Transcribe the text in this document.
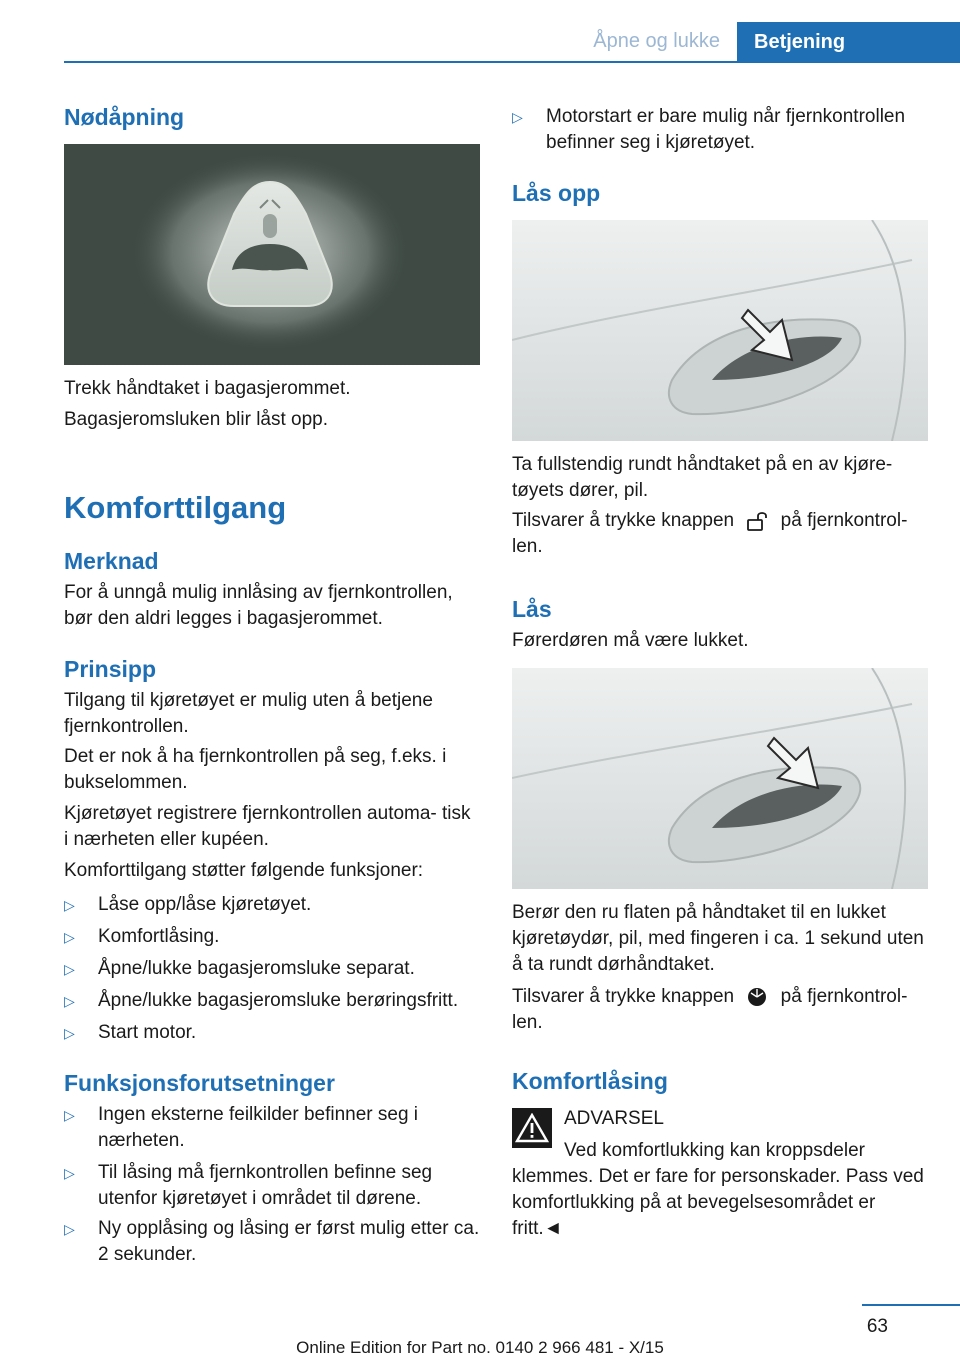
Åpne og lukke	Betjening
Nødåpning
Trekk håndtaket i bagasjerommet.
Bagasjeromsluken blir låst opp.
Komforttilgang
Merknad
For å unngå mulig innlåsing av fjernkontrollen, bør den aldri legges i bagasjerommet.
Prinsipp
Tilgang til kjøretøyet er mulig uten å betjene fjernkontrollen.
Det er nok å ha fjernkontrollen på seg, f.eks. i bukselommen.
Kjøretøyet registrere fjernkontrollen automa‐ tisk i nærheten eller kupéen.
Komforttilgang støtter følgende funksjoner:
▷ Låse opp/låse kjøretøyet.
▷ Komfortlåsing.
▷ Åpne/lukke bagasjeromsluke separat.
▷ Åpne/lukke bagasjeromsluke berøringsfritt.
▷ Start motor.
Funksjonsforutsetninger
▷ Ingen eksterne feilkilder befinner seg i nærheten.
▷ Til låsing må fjernkontrollen befinne seg utenfor kjøretøyet i området til dørene.
▷ Ny opplåsing og låsing er først mulig etter ca. 2 sekunder.
▷ Motorstart er bare mulig når fjernkontrollen befinner seg i kjøretøyet.
Lås opp
Ta fullstendig rundt håndtaket på en av kjøre‐ tøyets dører, pil.
Tilsvarer å trykke knappen på fjernkontrol‐ len.
Lås
Førerdøren må være lukket.
Berør den ru flaten på håndtaket til en lukket kjøretøydør, pil, med fingeren i ca. 1 sekund uten å ta rundt dørhåndtaket.
Tilsvarer å trykke knappen på fjernkontrol‐ len.
Komfortlåsing
ADVARSEL
Ved komfortlukking kan kroppsdeler
klemmes. Det er fare for personskader. Pass ved komfortlukking på at bevegelsesområdet er fritt.◄
63
Online Edition for Part no. 0140 2 966 481 - X/15
